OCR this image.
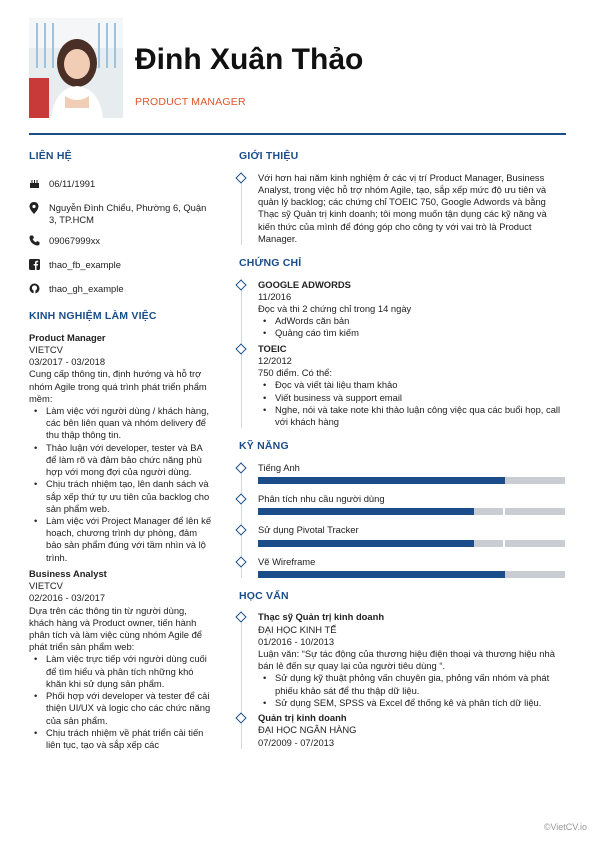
Đinh Xuân Thảo
PRODUCT MANAGER
LIÊN HỆ
06/11/1991
Nguyễn Đình Chiểu, Phường 6, Quận 3, TP.HCM
09067999xx
thao_fb_example
thao_gh_example
KINH NGHIỆM LÀM VIỆC
Product Manager
VIETCV
03/2017 - 03/2018
Cung cấp thông tin, định hướng và hỗ trợ nhóm Agile trong quá trình phát triển phẩm mềm:
• Làm việc với người dùng / khách hàng, các bên liên quan và nhóm delivery để thu thập thông tin.
• Thảo luận với developer, tester và BA để làm rõ và đảm bảo chức năng phù hợp với mong đợi của người dùng.
• Chịu trách nhiệm tạo, lên danh sách và sắp xếp thứ tự ưu tiên của backlog cho sản phẩm web.
• Làm việc với Project Manager để lên kế hoạch, chương trình dự phòng, đảm bảo sản phẩm đúng với tầm nhìn và lộ trình.
Business Analyst
VIETCV
02/2016 - 03/2017
Dựa trên các thông tin từ người dùng, khách hàng và Product owner, tiến hành phân tích và làm việc cùng nhóm Agile để phát triển sản phẩm web:
• Làm việc trực tiếp với người dùng cuối để tìm hiểu và phân tích những khó khăn khi sử dụng sản phẩm.
• Phối hợp với developer và tester để cải thiện UI/UX và logic cho các chức năng của sản phẩm.
• Chịu trách nhiệm về phát triển cải tiến liên tục, tạo và sắp xếp các
GIỚI THIỆU
Với hơn hai năm kinh nghiệm ở các vị trí Product Manager, Business Analyst, trong việc hỗ trợ nhóm Agile, tạo, sắp xếp mức độ ưu tiên và quản lý backlog; các chứng chỉ TOEIC 750, Google Adwords và bằng Thạc sỹ Quản trị kinh doanh; tôi mong muốn tận dụng các kỹ năng và kiến thức của mình để đóng góp cho công ty với vai trò là Product Manager.
CHỨNG CHỈ
GOOGLE ADWORDS
11/2016
Đọc và thi 2 chứng chỉ trong 14 ngày
• AdWords căn bản
• Quảng cáo tìm kiếm
TOEIC
12/2012
750 điểm. Có thể:
• Đọc và viết tài liệu tham khảo
• Viết business và support email
• Nghe, nói và take note khi thảo luận công việc qua các buổi họp, call với khách hàng
KỸ NĂNG
Tiếng Anh
Phân tích nhu cầu người dùng
Sử dụng Pivotal Tracker
Vẽ Wireframe
HỌC VẤN
Thạc sỹ Quản trị kinh doanh
ĐẠI HỌC KINH TẾ
01/2016 - 10/2013
Luận văn: “Sự tác động của thương hiệu điện thoại và thương hiệu nhà bán lẻ đến sự quay lại của người tiêu dùng “.
• Sử dụng kỹ thuật phỏng vấn chuyên gia, phỏng vấn nhóm và phát phiếu khảo sát để thu thập dữ liệu.
• Sử dụng SEM, SPSS và Excel để thống kê và phân tích dữ liệu.
Quản trị kinh doanh
ĐẠI HỌC NGÂN HÀNG
07/2009 - 07/2013
©VietCV.io
